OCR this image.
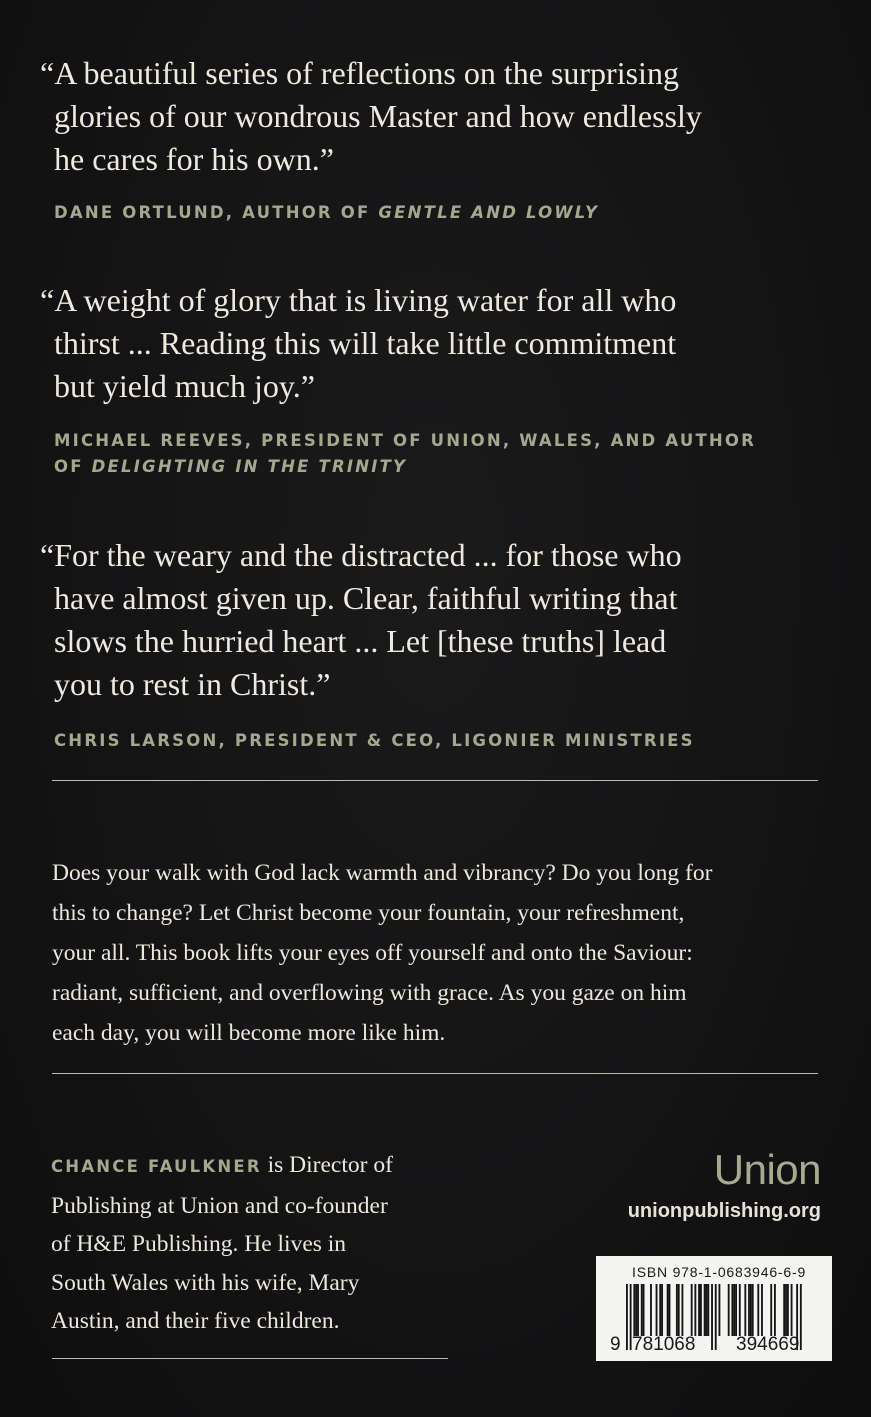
“A beautiful series of reflections on the surprising
glories of our wondrous Master and how endlessly
he cares for his own.”
DANE ORTLUND, AUTHOR OF GENTLE AND LOWLY
“A weight of glory that is living water for all who
thirst ... Reading this will take little commitment
but yield much joy.”
MICHAEL REEVES, PRESIDENT OF UNION, WALES, AND AUTHOR
OF DELIGHTING IN THE TRINITY
“For the weary and the distracted ... for those who
have almost given up. Clear, faithful writing that
slows the hurried heart ... Let [these truths] lead
you to rest in Christ.”
CHRIS LARSON, PRESIDENT & CEO, LIGONIER MINISTRIES
Does your walk with God lack warmth and vibrancy? Do you long for
this to change? Let Christ become your fountain, your refreshment,
your all. This book lifts your eyes off yourself and onto the Saviour:
radiant, sufficient, and overflowing with grace. As you gaze on him
each day, you will become more like him.
CHANCE FAULKNER is Director of
Publishing at Union and co-founder
of H&E Publishing. He lives in
South Wales with his wife, Mary
Austin, and their five children.
Union
unionpublishing.org
ISBN 978-1-0683946-6-9
9 781068 394669
